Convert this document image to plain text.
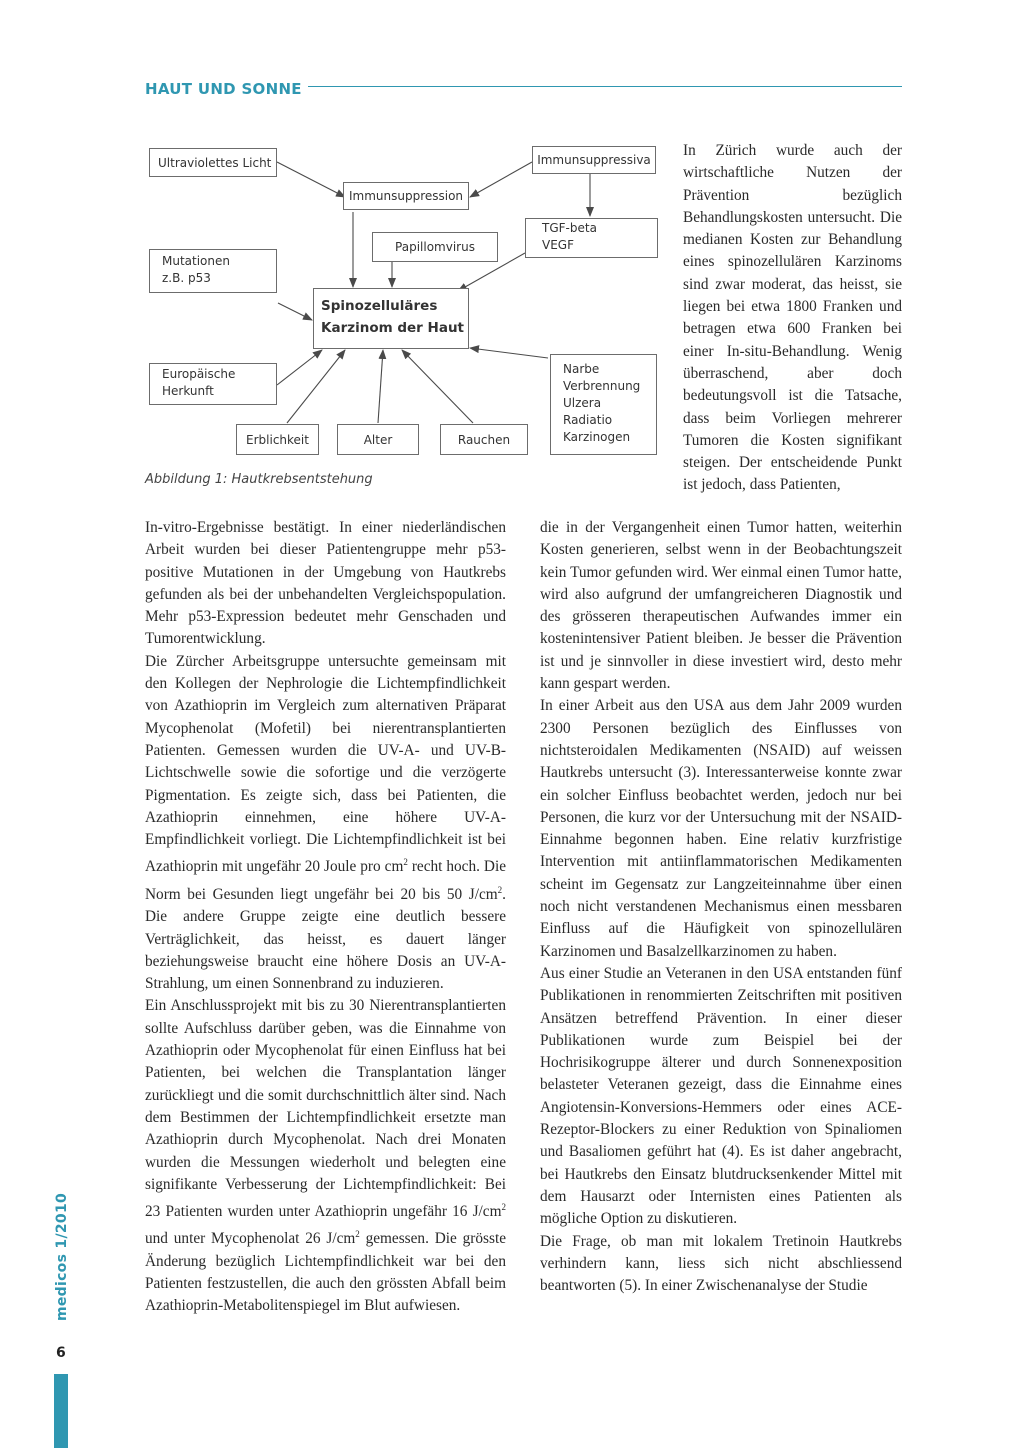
HAUT UND SONNE
Ultraviolettes Licht
Immunsuppression
Immunsuppressiva
TGF-beta
VEGF
Papillomvirus
Mutationen
z.B. p53
Spinozelluläres
Karzinom der Haut
Europäische
Herkunft
Narbe
Verbrennung
Ulzera
Radiatio
Karzinogen
Erblichkeit	Alter	Rauchen
Abbildung 1: Hautkrebsentstehung

In Zürich wurde auch der wirtschaftliche Nutzen der Prävention bezüglich Behandlungskosten untersucht. Die medianen Kosten zur Behandlung eines spinozellulären Karzinoms sind zwar moderat, das heisst, sie liegen bei etwa 1800 Franken und betragen etwa 600 Franken bei einer In-situ-Behandlung. Wenig überraschend, aber doch bedeutungsvoll ist die Tatsache, dass beim Vorliegen mehrerer Tumoren die Kosten signifikant steigen. Der entscheidende Punkt ist jedoch, dass Patienten,

In-vitro-Ergebnisse bestätigt. In einer niederländischen Arbeit wurden bei dieser Patientengruppe mehr p53-positive Mutationen in der Umgebung von Hautkrebs gefunden als bei der unbehandelten Vergleichspopulation. Mehr p53-Expression bedeutet mehr Genschaden und Tumorentwicklung.

Die Zürcher Arbeitsgruppe untersuchte gemeinsam mit den Kollegen der Nephrologie die Lichtempfindlichkeit von Azathioprin im Vergleich zum alternativen Präparat Mycophenolat (Mofetil) bei nierentransplantierten Patienten. Gemessen wurden die UV-A- und UV-B-Lichtschwelle sowie die sofortige und die verzögerte Pigmentation. Es zeigte sich, dass bei Patienten, die Azathioprin einnehmen, eine höhere UV-A-Empfindlichkeit vorliegt. Die Lichtempfindlichkeit ist bei Azathioprin mit ungefähr 20 Joule pro $cm^2$ recht hoch. Die Norm bei Gesunden liegt ungefähr bei 20 bis 50 $J/cm^2$. Die andere Gruppe zeigte eine deutlich bessere Verträglichkeit, das heisst, es dauert länger beziehungsweise braucht eine höhere Dosis an UV-A-Strahlung, um einen Sonnenbrand zu induzieren.

Ein Anschlussprojekt mit bis zu 30 Nierentransplantierten sollte Aufschluss darüber geben, was die Einnahme von Azathioprin oder Mycophenolat für einen Einfluss hat bei Patienten, bei welchen die Transplantation länger zurückliegt und die somit durchschnittlich älter sind. Nach dem Bestimmen der Lichtempfindlichkeit ersetzte man Azathioprin durch Mycophenolat. Nach drei Monaten wurden die Messungen wiederholt und belegten eine signifikante Verbesserung der Lichtempfindlichkeit: Bei 23 Patienten wurden unter Azathioprin ungefähr 16 $J/cm^2$ und unter Mycophenolat 26 $J/cm^2$ gemessen. Die grösste Änderung bezüglich Lichtempfindlichkeit war bei den Patienten festzustellen, die auch den grössten Abfall beim Azathioprin-Metabolitenspiegel im Blut aufwiesen.

die in der Vergangenheit einen Tumor hatten, weiterhin Kosten generieren, selbst wenn in der Beobachtungszeit kein Tumor gefunden wird. Wer einmal einen Tumor hatte, wird also aufgrund der umfangreicheren Diagnostik und des grösseren therapeutischen Aufwandes immer ein kostenintensiver Patient bleiben. Je besser die Prävention ist und je sinnvoller in diese investiert wird, desto mehr kann gespart werden.

In einer Arbeit aus den USA aus dem Jahr 2009 wurden 2300 Personen bezüglich des Einflusses von nichtsteroidalen Medikamenten (NSAID) auf weissen Hautkrebs untersucht (3). Interessanterweise konnte zwar ein solcher Einfluss beobachtet werden, jedoch nur bei Personen, die kurz vor der Untersuchung mit der NSAID-Einnahme begonnen haben. Eine relativ kurzfristige Intervention mit antiinflammatorischen Medikamenten scheint im Gegensatz zur Langzeiteinnahme über einen noch nicht verstandenen Mechanismus einen messbaren Einfluss auf die Häufigkeit von spinozellulären Karzinomen und Basalzellkarzinomen zu haben.

Aus einer Studie an Veteranen in den USA entstanden fünf Publikationen in renommierten Zeitschriften mit positiven Ansätzen betreffend Prävention. In einer dieser Publikationen wurde zum Beispiel bei der Hochrisikogruppe älterer und durch Sonnenexposition belasteter Veteranen gezeigt, dass die Einnahme eines Angiotensin-Konversions-Hemmers oder eines ACE-Rezeptor-Blockers zu einer Reduktion von Spinaliomen und Basaliomen geführt hat (4). Es ist daher angebracht, bei Hautkrebs den Einsatz blutdrucksenkender Mittel mit dem Hausarzt oder Internisten eines Patienten als mögliche Option zu diskutieren.

Die Frage, ob man mit lokalem Tretinoin Hautkrebs verhindern kann, liess sich nicht abschliessend beantworten (5). In einer Zwischenanalyse der Studie

medicos 1/2010
6
